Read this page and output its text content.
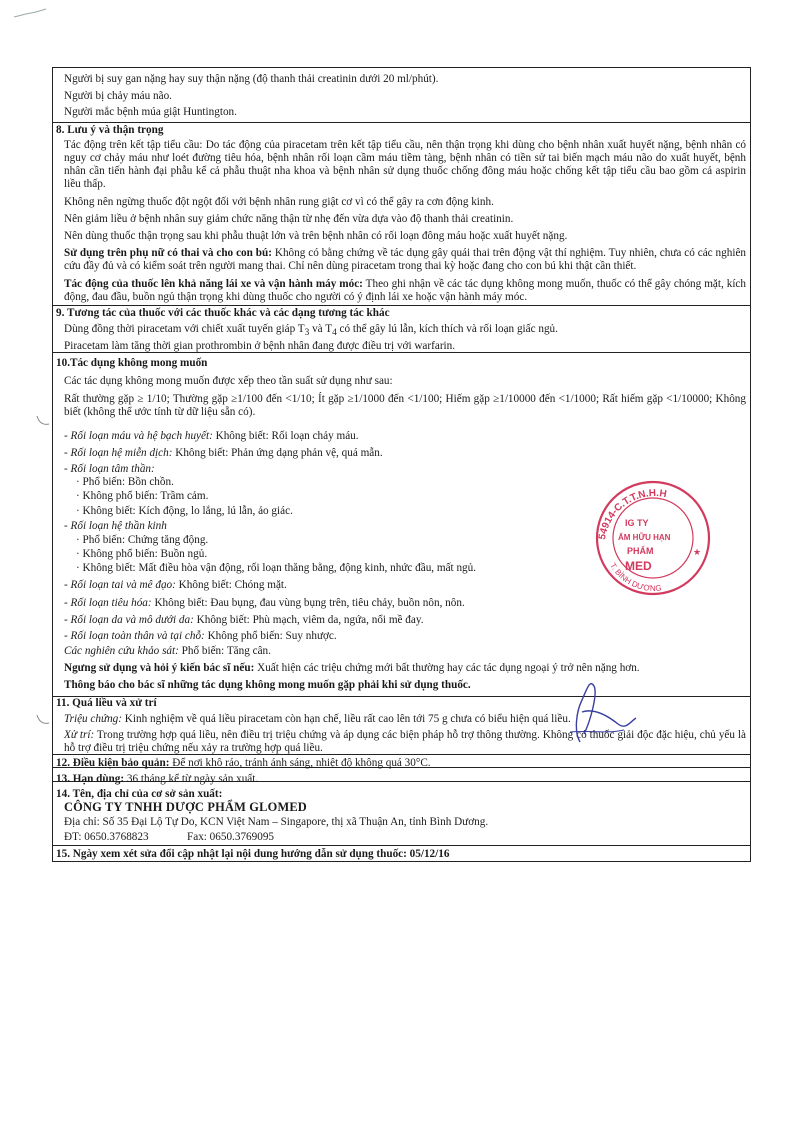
Người bị suy gan nặng hay suy thận nặng (độ thanh thải creatinin dưới 20 ml/phút).
Người bị chảy máu não.
Người mắc bệnh múa giật Huntington.
8. Lưu ý và thận trọng
Tác động trên kết tập tiểu cầu: Do tác động của piracetam trên kết tập tiểu cầu, nên thận trọng khi dùng cho bệnh nhân xuất huyết nặng, bệnh nhân có nguy cơ chảy máu như loét đường tiêu hóa, bệnh nhân rối loạn cầm máu tiềm tàng, bệnh nhân có tiền sử tai biến mạch máu não do xuất huyết, bệnh nhân cần tiến hành đại phẫu kể cả phẫu thuật nha khoa và bệnh nhân sử dụng thuốc chống đông máu hoặc chống kết tập tiểu cầu bao gồm cả aspirin liều thấp.
Không nên ngừng thuốc đột ngột đối với bệnh nhân rung giật cơ vì có thể gây ra cơn động kinh.
Nên giảm liều ở bệnh nhân suy giảm chức năng thận từ nhẹ đến vừa dựa vào độ thanh thải creatinin.
Nên dùng thuốc thận trọng sau khi phẫu thuật lớn và trên bệnh nhân có rối loạn đông máu hoặc xuất huyết nặng.
Sử dụng trên phụ nữ có thai và cho con bú: Không có bằng chứng về tác dụng gây quái thai trên động vật thí nghiệm. Tuy nhiên, chưa có các nghiên cứu đầy đủ và có kiểm soát trên người mang thai. Chỉ nên dùng piracetam trong thai kỳ hoặc đang cho con bú khi thật cần thiết.
Tác động của thuốc lên khả năng lái xe và vận hành máy móc: Theo ghi nhận về các tác dụng không mong muốn, thuốc có thể gây chóng mặt, kích động, đau đầu, buồn ngủ thận trọng khi dùng thuốc cho người có ý định lái xe hoặc vận hành máy móc.
9. Tương tác của thuốc với các thuốc khác và các dạng tương tác khác
Dùng đồng thời piracetam với chiết xuất tuyến giáp $T_3$ và $T_4$ có thể gây lú lẫn, kích thích và rối loạn giấc ngủ.
Piracetam làm tăng thời gian prothrombin ở bệnh nhân đang được điều trị với warfarin.
10.Tác dụng không mong muốn
Các tác dụng không mong muốn được xếp theo tần suất sử dụng như sau:
Rất thường gặp ≥ 1/10; Thường gặp ≥1/100 đến <1/10; Ít gặp ≥1/1000 đến <1/100; Hiếm gặp ≥1/10000 đến <1/1000; Rất hiếm gặp <1/10000; Không biết (không thể ước tính từ dữ liệu sẵn có).
- Rối loạn máu và hệ bạch huyết: Không biết: Rối loạn chảy máu.
- Rối loạn hệ miễn dịch: Không biết: Phản ứng dạng phản vệ, quá mẫn.
- Rối loạn tâm thần:
· Phổ biến: Bồn chồn.
· Không phổ biến: Trầm cảm.
· Không biết: Kích động, lo lắng, lú lẫn, ảo giác.
- Rối loạn hệ thần kinh
· Phổ biến: Chứng tăng động.
· Không phổ biến: Buồn ngủ.
· Không biết: Mất điều hòa vận động, rối loạn thăng bằng, động kinh, nhức đầu, mất ngủ.
- Rối loạn tai và mê đạo: Không biết: Chóng mặt.
- Rối loạn tiêu hóa: Không biết: Đau bụng, đau vùng bụng trên, tiêu chảy, buồn nôn, nôn.
- Rối loạn da và mô dưới da: Không biết: Phù mạch, viêm da, ngứa, nổi mề đay.
- Rối loạn toàn thân và tại chỗ: Không phổ biến: Suy nhược.
Các nghiên cứu khảo sát: Phổ biến: Tăng cân.
Ngưng sử dụng và hỏi ý kiến bác sĩ nếu: Xuất hiện các triệu chứng mới bất thường hay các tác dụng ngoại ý trở nên nặng hơn.
Thông báo cho bác sĩ những tác dụng không mong muốn gặp phải khi sử dụng thuốc.
11. Quá liều và xử trí
Triệu chứng: Kinh nghiệm về quá liều piracetam còn hạn chế, liều rất cao lên tới 75 g chưa có biểu hiện quá liều.
Xử trí: Trong trường hợp quá liều, nên điều trị triệu chứng và áp dụng các biện pháp hỗ trợ thông thường. Không có thuốc giải độc đặc hiệu, chủ yếu là hỗ trợ điều trị triệu chứng nếu xảy ra trường hợp quá liều.
12. Điều kiện bảo quản: Để nơi khô ráo, tránh ánh sáng, nhiệt độ không quá 30°C.
13. Hạn dùng: 36 tháng kể từ ngày sản xuất.
14. Tên, địa chỉ của cơ sở sản xuất:
CÔNG TY TNHH DƯỢC PHẨM GLOMED
Địa chỉ: Số 35 Đại Lộ Tự Do, KCN Việt Nam – Singapore, thị xã Thuận An, tỉnh Bình Dương.
ĐT: 0650.3768823	Fax: 0650.3769095
15. Ngày xem xét sửa đổi cập nhật lại nội dung hướng dẫn sử dụng thuốc: 05/12/16
54914-C.T.T.N.H.H
T. BÌNH DƯƠNG
IG TY
ẨM HỮU HẠN
PHẨM
MED
★
